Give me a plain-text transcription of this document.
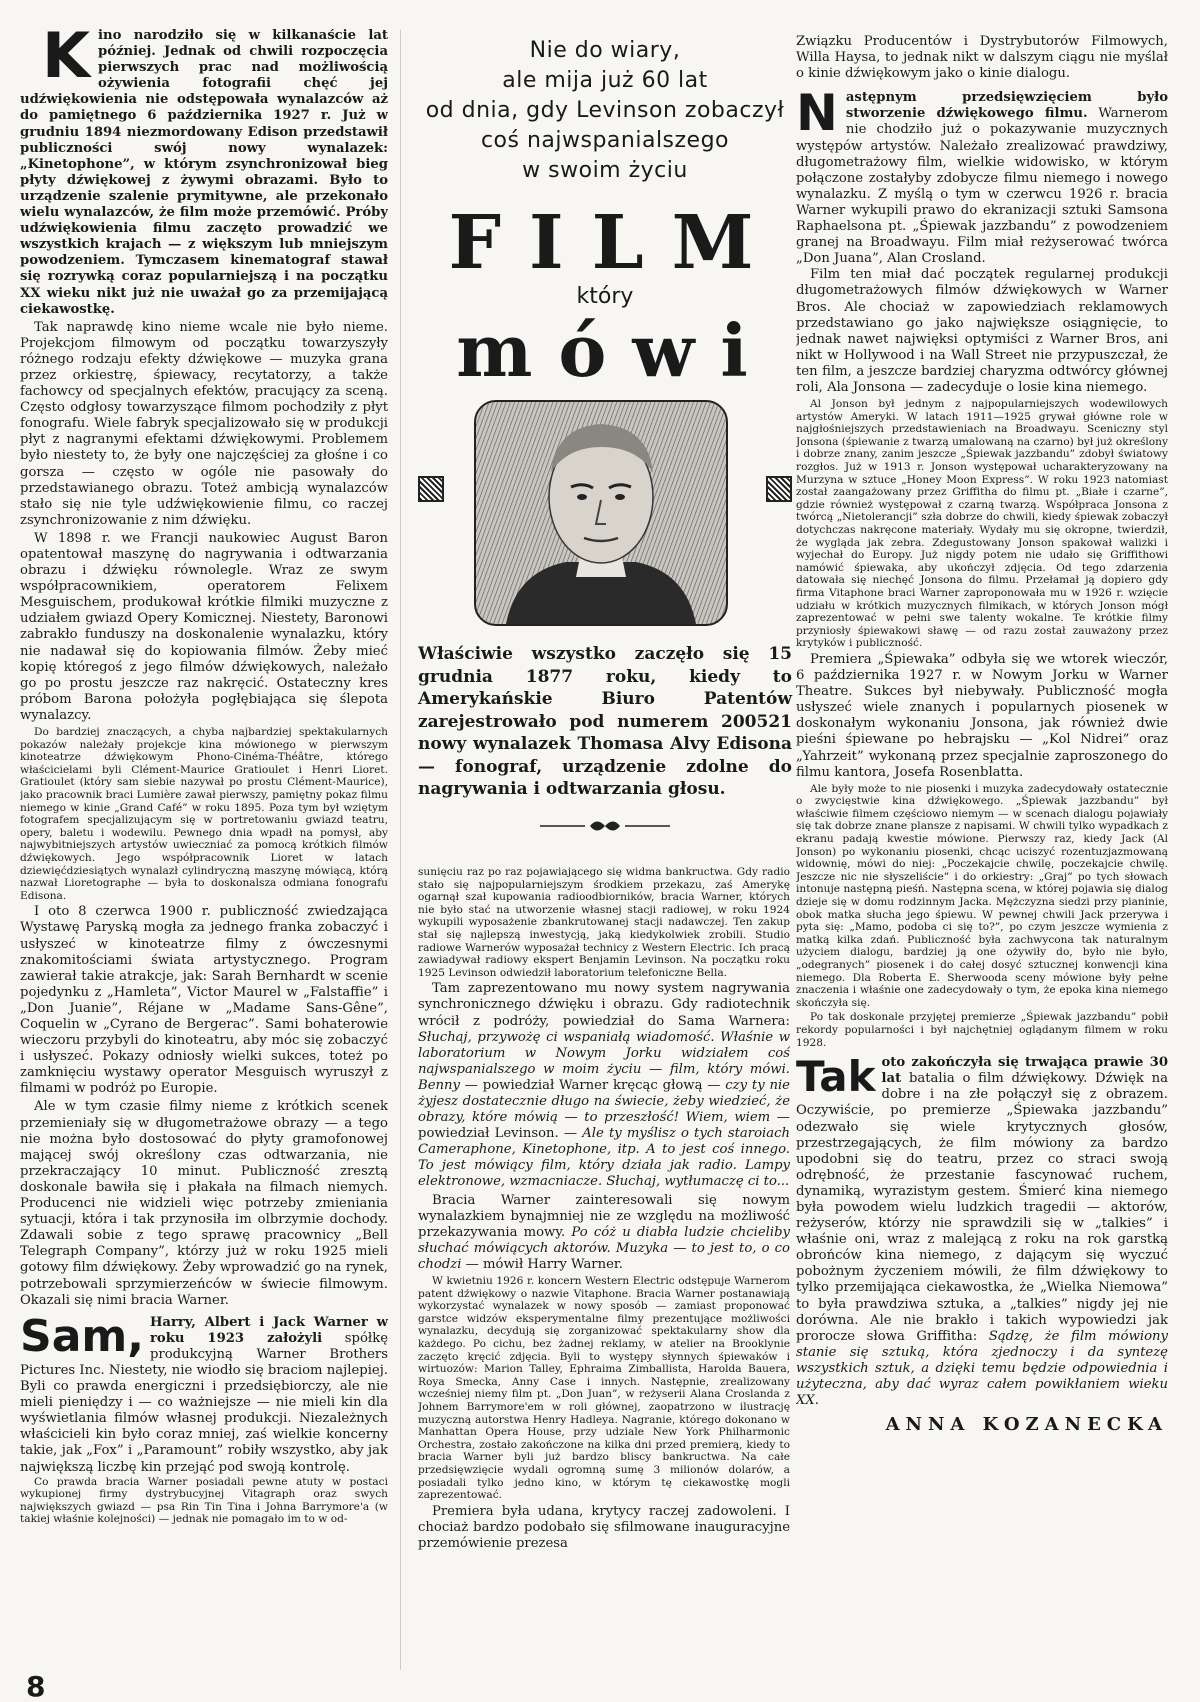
K ino narodziło się w kilkanaście lat później. Jednak od chwili rozpoczęcia pierwszych prac nad możliwością ożywienia fotografii chęć jej udźwiękowienia nie odstępowała wynalazców aż do pamiętnego 6 października 1927 r. Już w grudniu 1894 niezmordowany Edison przedstawił publiczności swój nowy wynalazek: „Kinetophone”, w którym zsynchronizował bieg płyty dźwiękowej z żywymi obrazami. Było to urządzenie szalenie prymitywne, ale przekonało wielu wynalazców, że film może przemówić. Próby udźwiękowienia filmu zaczęto prowadzić we wszystkich krajach — z większym lub mniejszym powodzeniem. Tymczasem kinematograf stawał się rozrywką coraz popularniejszą i na początku XX wieku nikt już nie uważał go za przemijającą ciekawostkę.

Tak naprawdę kino nieme wcale nie było nieme. Projekcjom filmowym od początku towarzyszyły różnego rodzaju efekty dźwiękowe — muzyka grana przez orkiestrę, śpiewacy, recytatorzy, a także fachowcy od specjalnych efektów, pracujący za sceną. Często odgłosy towarzyszące filmom pochodziły z płyt fonografu. Wiele fabryk specjalizowało się w produkcji płyt z nagranymi efektami dźwiękowymi. Problemem było niestety to, że były one najczęściej za głośne i co gorsza — często w ogóle nie pasowały do przedstawianego obrazu. Toteż ambicją wynalazców stało się nie tyle udźwiękowienie filmu, co raczej zsynchronizowanie z nim dźwięku.

W 1898 r. we Francji naukowiec August Baron opatentował maszynę do nagrywania i odtwarzania obrazu i dźwięku równolegle. Wraz ze swym współpracownikiem, operatorem Felixem Mesguischem, produkował krótkie filmiki muzyczne z udziałem gwiazd Opery Komicznej. Niestety, Baronowi zabrakło funduszy na doskonalenie wynalazku, który nie nadawał się do kopiowania filmów. Żeby mieć kopię któregoś z jego filmów dźwiękowych, należało go po prostu jeszcze raz nakręcić. Ostateczny kres próbom Barona położyła pogłębiająca się ślepota wynalazcy.

Do bardziej znaczących, a chyba najbardziej spektakularnych pokazów należały projekcje kina mówionego w pierwszym kinoteatrze dźwiękowym Phono-Cinéma-Théâtre, którego właścicielami byli Clément-Maurice Gratioulet i Henri Lioret. Gratioulet (który sam siebie nazywał po prostu Clément-Maurice), jako pracownik braci Lumière zawał pierwszy, pamiętny pokaz filmu niemego w kinie „Grand Café” w roku 1895. Poza tym był wziętym fotografem specjalizującym się w portretowaniu gwiazd teatru, opery, baletu i wodewilu. Pewnego dnia wpadł na pomysł, aby najwybitniejszych artystów uwieczniać za pomocą krótkich filmów dźwiękowych. Jego współpracownik Lioret w latach dziewięćdziesiątych wynalazł cylindryczną maszynę mówiącą, którą nazwał Lioretographe — była to doskonalsza odmiana fonografu Edisona.

I oto 8 czerwca 1900 r. publiczność zwiedzająca Wystawę Paryską mogła za jednego franka zobaczyć i usłyszeć w kinoteatrze filmy z ówczesnymi znakomitościami świata artystycznego. Program zawierał takie atrakcje, jak: Sarah Bernhardt w scenie pojedynku z „Hamleta”, Victor Maurel w „Falstaffie” i „Don Juanie”, Réjane w „Madame Sans-Gêne”, Coquelin w „Cyrano de Bergerac”. Sami bohaterowie wieczoru przybyli do kinoteatru, aby móc się zobaczyć i usłyszeć. Pokazy odniosły wielki sukces, toteż po zamknięciu wystawy operator Mesguisch wyruszył z filmami w podróż po Europie.

Ale w tym czasie filmy nieme z krótkich scenek przemieniały się w długometrażowe obrazy — a tego nie można było dostosować do płyty gramofonowej mającej swój określony czas odtwarzania, nie przekraczający 10 minut. Publiczność zresztą doskonale bawiła się i płakała na filmach niemych. Producenci nie widzieli więc potrzeby zmieniania sytuacji, która i tak przynosiła im olbrzymie dochody. Zdawali sobie z tego sprawę pracownicy „Bell Telegraph Company”, którzy już w roku 1925 mieli gotowy film dźwiękowy. Żeby wprowadzić go na rynek, potrzebowali sprzymierzeńców w świecie filmowym. Okazali się nimi bracia Warner.

Sam, Harry, Albert i Jack Warner w roku 1923 założyli spółkę produkcyjną Warner Brothers Pictures Inc. Niestety, nie wiodło się braciom najlepiej. Byli co prawda energiczni i przedsiębiorczy, ale nie mieli pieniędzy i — co ważniejsze — nie mieli kin dla wyświetlania filmów własnej produkcji. Niezależnych właścicieli kin było coraz mniej, zaś wielkie koncerny takie, jak „Fox” i „Paramount” robiły wszystko, aby jak największą liczbę kin przejąć pod swoją kontrolę.

Co prawda bracia Warner posiadali pewne atuty w postaci wykupionej firmy dystrybucyjnej Vitagraph oraz swych największych gwiazd — psa Rin Tin Tina i Johna Barrymore'a (w takiej właśnie kolejności) — jednak nie pomagało im to w od-

Nie do wiary,
ale mija już 60 lat
od dnia, gdy Levinson zobaczył
coś najwspanialszego
w swoim życiu
FILM
który
mówi
Właściwie wszystko zaczęło się 15 grudnia 1877 roku, kiedy to Amerykańskie Biuro Patentów zarejestrowało pod numerem 200521 nowy wynalazek Thomasa Alvy Edisona — fonograf, urządzenie zdolne do nagrywania i odtwarzania głosu.

sunięciu raz po raz pojawiającego się widma bankructwa. Gdy radio stało się najpopularniejszym środkiem przekazu, zaś Amerykę ogarnął szał kupowania radioodbiorników, bracia Warner, których nie było stać na utworzenie własnej stacji radiowej, w roku 1924 wykupili wyposażenie zbankrutowanej stacji nadawczej. Ten zakup stał się najlepszą inwestycją, jaką kiedykolwiek zrobili. Studio radiowe Warnerów wyposażał technicy z Western Electric. Ich pracą zawiadywał radiowy ekspert Benjamin Levinson. Na początku roku 1925 Levinson odwiedził laboratorium telefoniczne Bella.

Tam zaprezentowano mu nowy system nagrywania synchronicznego dźwięku i obrazu. Gdy radiotechnik wrócił z podróży, powiedział do Sama Warnera: Słuchaj, przywożę ci wspaniałą wiadomość. Właśnie w laboratorium w Nowym Jorku widziałem coś najwspanialszego w moim życiu — film, który mówi. Benny — powiedział Warner kręcąc głową — czy ty nie żyjesz dostatecznie długo na świecie, żeby wiedzieć, że obrazy, które mówią — to przeszłość! Wiem, wiem — powiedział Levinson. — Ale ty myślisz o tych staroiach Cameraphone, Kinetophone, itp. A to jest coś innego. To jest mówiący film, który działa jak radio. Lampy elektronowe, wzmacniacze. Słuchaj, wytłumaczę ci to...

Bracia Warner zainteresowali się nowym wynalazkiem bynajmniej nie ze względu na możliwość przekazywania mowy. Po cóż u diabła ludzie chcieliby słuchać mówiących aktorów. Muzyka — to jest to, o co chodzi — mówił Harry Warner.

W kwietniu 1926 r. koncern Western Electric odstępuje Warnerom patent dźwiękowy o nazwie Vitaphone. Bracia Warner postanawiają wykorzystać wynalazek w nowy sposób — zamiast proponować garstce widzów eksperymentalne filmy prezentujące możliwości wynalazku, decydują się zorganizować spektakularny show dla każdego. Po cichu, bez żadnej reklamy, w atelier na Brooklynie zaczęto kręcić zdjęcia. Byli to występy słynnych śpiewaków i wirtuozów: Marion Talley, Ephraima Zimballista, Harolda Bauera, Roya Smecka, Anny Case i innych. Następnie, zrealizowany wcześniej niemy film pt. „Don Juan”, w reżyserii Alana Croslanda z Johnem Barrymore'em w roli głównej, zaopatrzono w ilustrację muzyczną autorstwa Henry Hadleya. Nagranie, którego dokonano w Manhattan Opera House, przy udziale New York Philharmonic Orchestra, zostało zakończone na kilka dni przed premierą, kiedy to bracia Warner byli już bardzo bliscy bankructwa. Na całe przedsięwzięcie wydali ogromną sumę 3 milionów dolarów, a posiadali tylko jedno kino, w którym tę ciekawostkę mogli zaprezentować.

Premiera była udana, krytycy raczej zadowoleni. I chociaż bardzo podobało się sfilmowane inauguracyjne przemówienie prezesa

Związku Producentów i Dystrybutorów Filmowych, Willa Haysa, to jednak nikt w dalszym ciągu nie myślał o kinie dźwiękowym jako o kinie dialogu.

N astępnym przedsięwzięciem było stworzenie dźwiękowego filmu. Warnerom nie chodziło już o pokazywanie muzycznych występów artystów. Należało zrealizować prawdziwy, długometrażowy film, wielkie widowisko, w którym połączone zostałyby zdobycze filmu niemego i nowego wynalazku. Z myślą o tym w czerwcu 1926 r. bracia Warner wykupili prawo do ekranizacji sztuki Samsona Raphaelsona pt. „Śpiewak jazzbandu” z powodzeniem granej na Broadwayu. Film miał reżyserować twórca „Don Juana”, Alan Crosland.

Film ten miał dać początek regularnej produkcji długometrażowych filmów dźwiękowych w Warner Bros. Ale chociaż w zapowiedziach reklamowych przedstawiano go jako największe osiągnięcie, to jednak nawet najwięksi optymiści z Warner Bros, ani nikt w Hollywood i na Wall Street nie przypuszczał, że ten film, a jeszcze bardziej charyzma odtwórcy głównej roli, Ala Jonsona — zadecyduje o losie kina niemego.

Al Jonson był jednym z najpopularniejszych wodewilowych artystów Ameryki. W latach 1911—1925 grywał główne role w najgłośniejszych przedstawieniach na Broadwayu. Sceniczny styl Jonsona (śpiewanie z twarzą umalowaną na czarno) był już określony i dobrze znany, zanim jeszcze „Śpiewak jazzbandu” zdobył światowy rozgłos. Już w 1913 r. Jonson występował ucharakteryzowany na Murzyna w sztuce „Honey Moon Express”. W roku 1923 natomiast został zaangażowany przez Griffitha do filmu pt. „Białe i czarne”, gdzie również występował z czarną twarzą. Współpraca Jonsona z twórcą „Nietolerancji” szła dobrze do chwili, kiedy śpiewak zobaczył dotychczas nakręcone materiały. Wydały mu się okropne, twierdził, że wygląda jak zebra. Zdegustowany Jonson spakował walizki i wyjechał do Europy. Już nigdy potem nie udało się Griffithowi namówić śpiewaka, aby ukończył zdjęcia. Od tego zdarzenia datowała się niechęć Jonsona do filmu. Przełamał ją dopiero gdy firma Vitaphone braci Warner zaproponowała mu w 1926 r. wzięcie udziału w krótkich muzycznych filmikach, w których Jonson mógł zaprezentować w pełni swe talenty wokalne. Te krótkie filmy przyniosły śpiewakowi sławę — od razu został zauważony przez krytyków i publiczność.

Premiera „Śpiewaka” odbyła się we wtorek wieczór, 6 października 1927 r. w Nowym Jorku w Warner Theatre. Sukces był niebywały. Publiczność mogła usłyszeć wiele znanych i popularnych piosenek w doskonałym wykonaniu Jonsona, jak również dwie pieśni śpiewane po hebrajsku — „Kol Nidrei” oraz „Yahrzeit” wykonaną przez specjalnie zaproszonego do filmu kantora, Josefa Rosenblatta.

Ale były może to nie piosenki i muzyka zadecydowały ostatecznie o zwycięstwie kina dźwiękowego. „Śpiewak jazzbandu” był właściwie filmem częściowo niemym — w scenach dialogu pojawiały się tak dobrze znane plansze z napisami. W chwili tylko wypadkach z ekranu padają kwestie mówione. Pierwszy raz, kiedy Jack (Al Jonson) po wykonaniu piosenki, chcąc uciszyć rozentuzjazmowaną widownię, mówi do niej: „Poczekajcie chwilę, poczekajcie chwilę. Jeszcze nic nie słyszeliście” i do orkiestry: „Graj” po tych słowach intonuje następną pieśń. Następna scena, w której pojawia się dialog dzieje się w domu rodzinnym Jacka. Mężczyzna siedzi przy pianinie, obok matka słucha jego śpiewu. W pewnej chwili Jack przerywa i pyta się: „Mamo, podoba ci się to?”, po czym jeszcze wymienia z matką kilka zdań. Publiczność była zachwycona tak naturalnym użyciem dialogu, bardziej ją one ożywiły do, było nie było, „odegranych” piosenek i do całej dosyć sztucznej konwencji kina niemego. Dla Roberta E. Sherwooda sceny mówione były pełne znaczenia i właśnie one zadecydowały o tym, że epoka kina niemego skończyła się.

Po tak doskonale przyjętej premierze „Śpiewak jazzbandu” pobił rekordy popularności i był najchętniej oglądanym filmem w roku 1928.

Tak oto zakończyła się trwająca prawie 30 lat batalia o film dźwiękowy. Dźwięk na dobre i na złe połączył się z obrazem. Oczywiście, po premierze „Śpiewaka jazzbandu” odezwało się wiele krytycznych głosów, przestrzegających, że film mówiony za bardzo upodobni się do teatru, przez co straci swoją odrębność, że przestanie fascynować ruchem, dynamiką, wyrazistym gestem. Śmierć kina niemego była powodem wielu ludzkich tragedii — aktorów, reżyserów, którzy nie sprawdzili się w „talkies” i właśnie oni, wraz z malejącą z roku na rok garstką obrońców kina niemego, z dającym się wyczuć pobożnym życzeniem mówili, że film dźwiękowy to tylko przemijająca ciekawostka, że „Wielka Niemowa” to była prawdziwa sztuka, a „talkies” nigdy jej nie dorówna. Ale nie brakło i takich wypowiedzi jak proroczе słowa Griffitha: Sądzę, że film mówiony stanie się sztuką, która zjednoczy i da syntezę wszystkich sztuk, a dzięki temu będzie odpowiednia i użyteczna, aby dać wyraz całem powikłaniem wieku XX.
ANNA KOZANECKA
8
